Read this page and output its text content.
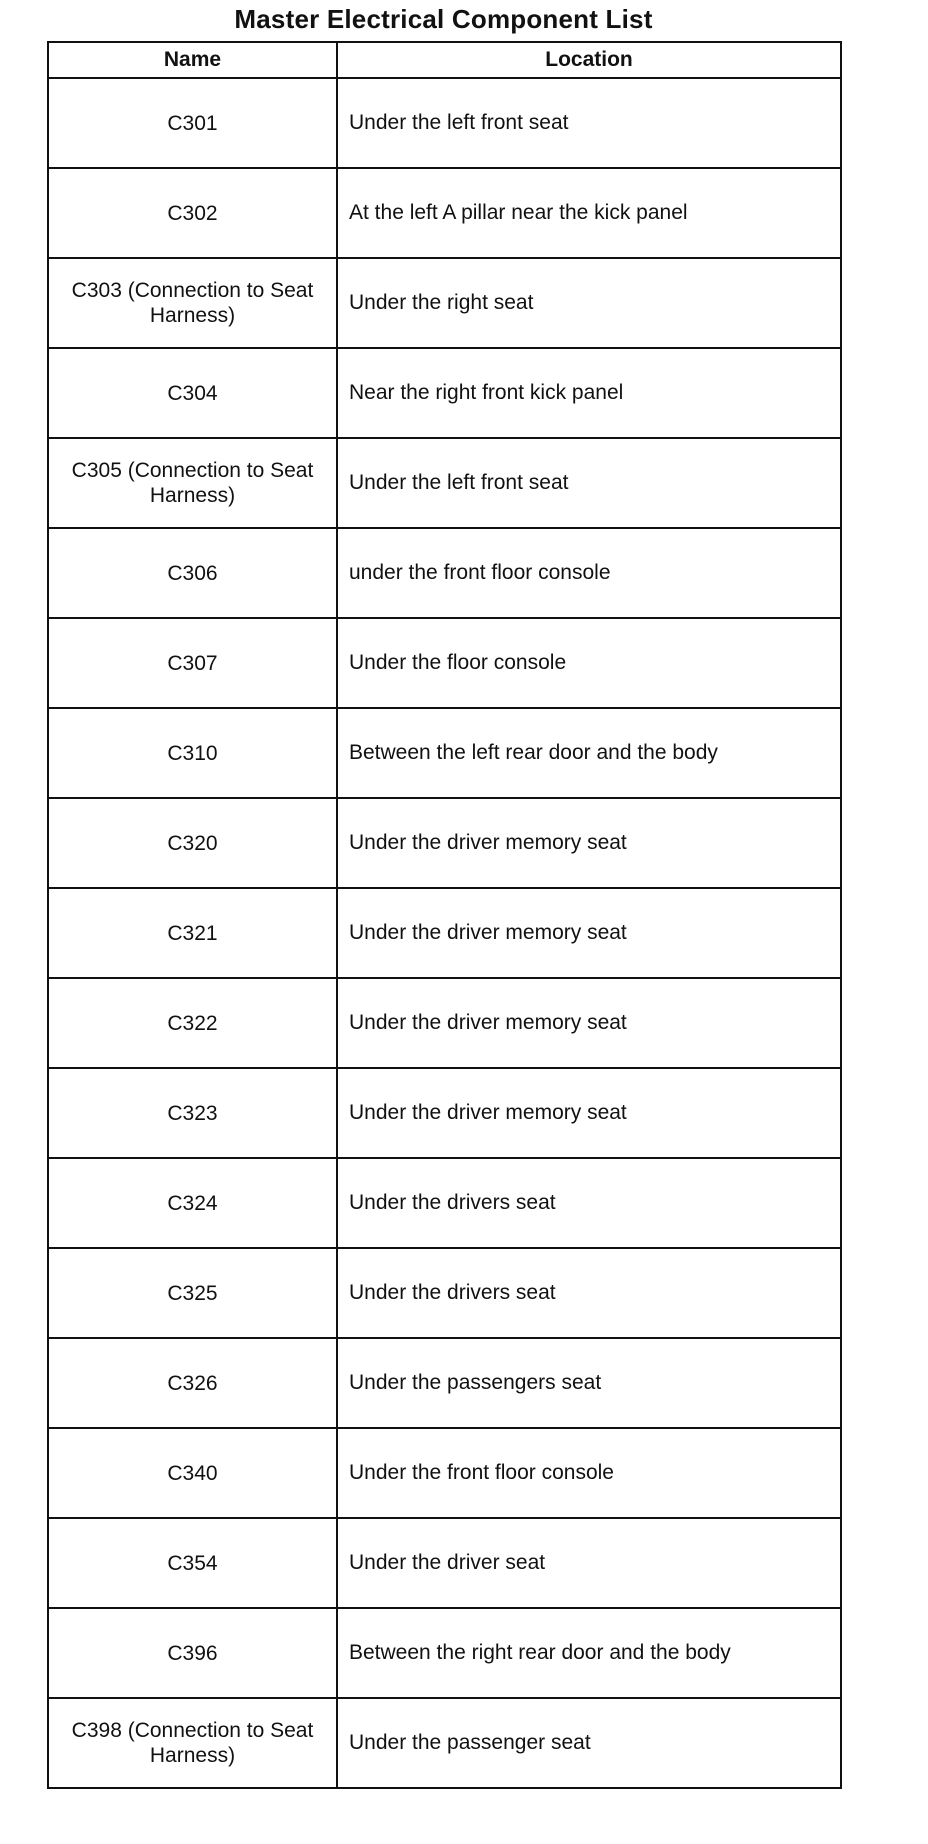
Master Electrical Component List
Name	Location
C301	Under the left front seat
C302	At the left A pillar near the kick panel
C303 (Connection to Seat Harness)	Under the right seat
C304	Near the right front kick panel
C305 (Connection to Seat Harness)	Under the left front seat
C306	under the front floor console
C307	Under the floor console
C310	Between the left rear door and the body
C320	Under the driver memory seat
C321	Under the driver memory seat
C322	Under the driver memory seat
C323	Under the driver memory seat
C324	Under the drivers seat
C325	Under the drivers seat
C326	Under the passengers seat
C340	Under the front floor console
C354	Under the driver seat
C396	Between the right rear door and the body
C398 (Connection to Seat Harness)	Under the passenger seat
